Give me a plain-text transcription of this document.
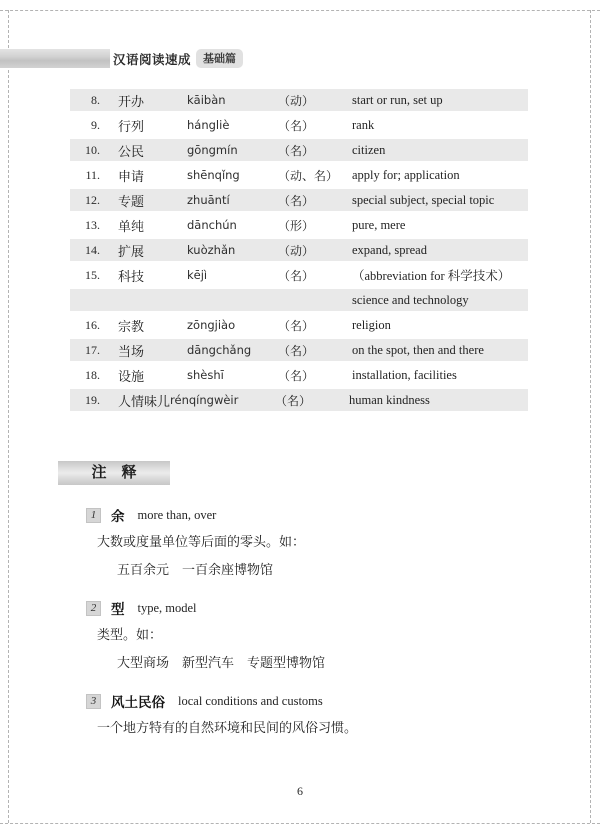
汉语阅读速成	基础篇
8. 开办	kāibàn	（动）	start or run, set up
9. 行列	hángliè	（名）	rank
10. 公民	gōngmín	（名）	citizen
11. 申请	shēnqǐng	（动、名）	apply for; application
12. 专题	zhuāntí	（名）	special subject, special topic
13. 单纯	dānchún	（形）	pure, mere
14. 扩展	kuòzhǎn	（动）	expand, spread
15. 科技	kējì	（名）	（abbreviation for 科学技术）
science and technology
16. 宗教	zōngjiào	（名）	religion
17. 当场	dāngchǎng	（名）	on the spot, then and there
18. 设施	shèshī	（名）	installation, facilities
19. 人情味儿 rénqíngwèir	（名）	human kindness
注　释
1	余 more than, over
大数或度量单位等后面的零头。如：
五百余元　一百余座博物馆
2	型 type, model
类型。如：
大型商场　新型汽车　专题型博物馆
3	风土民俗 local conditions and customs
一个地方特有的自然环境和民间的风俗习惯。
6
